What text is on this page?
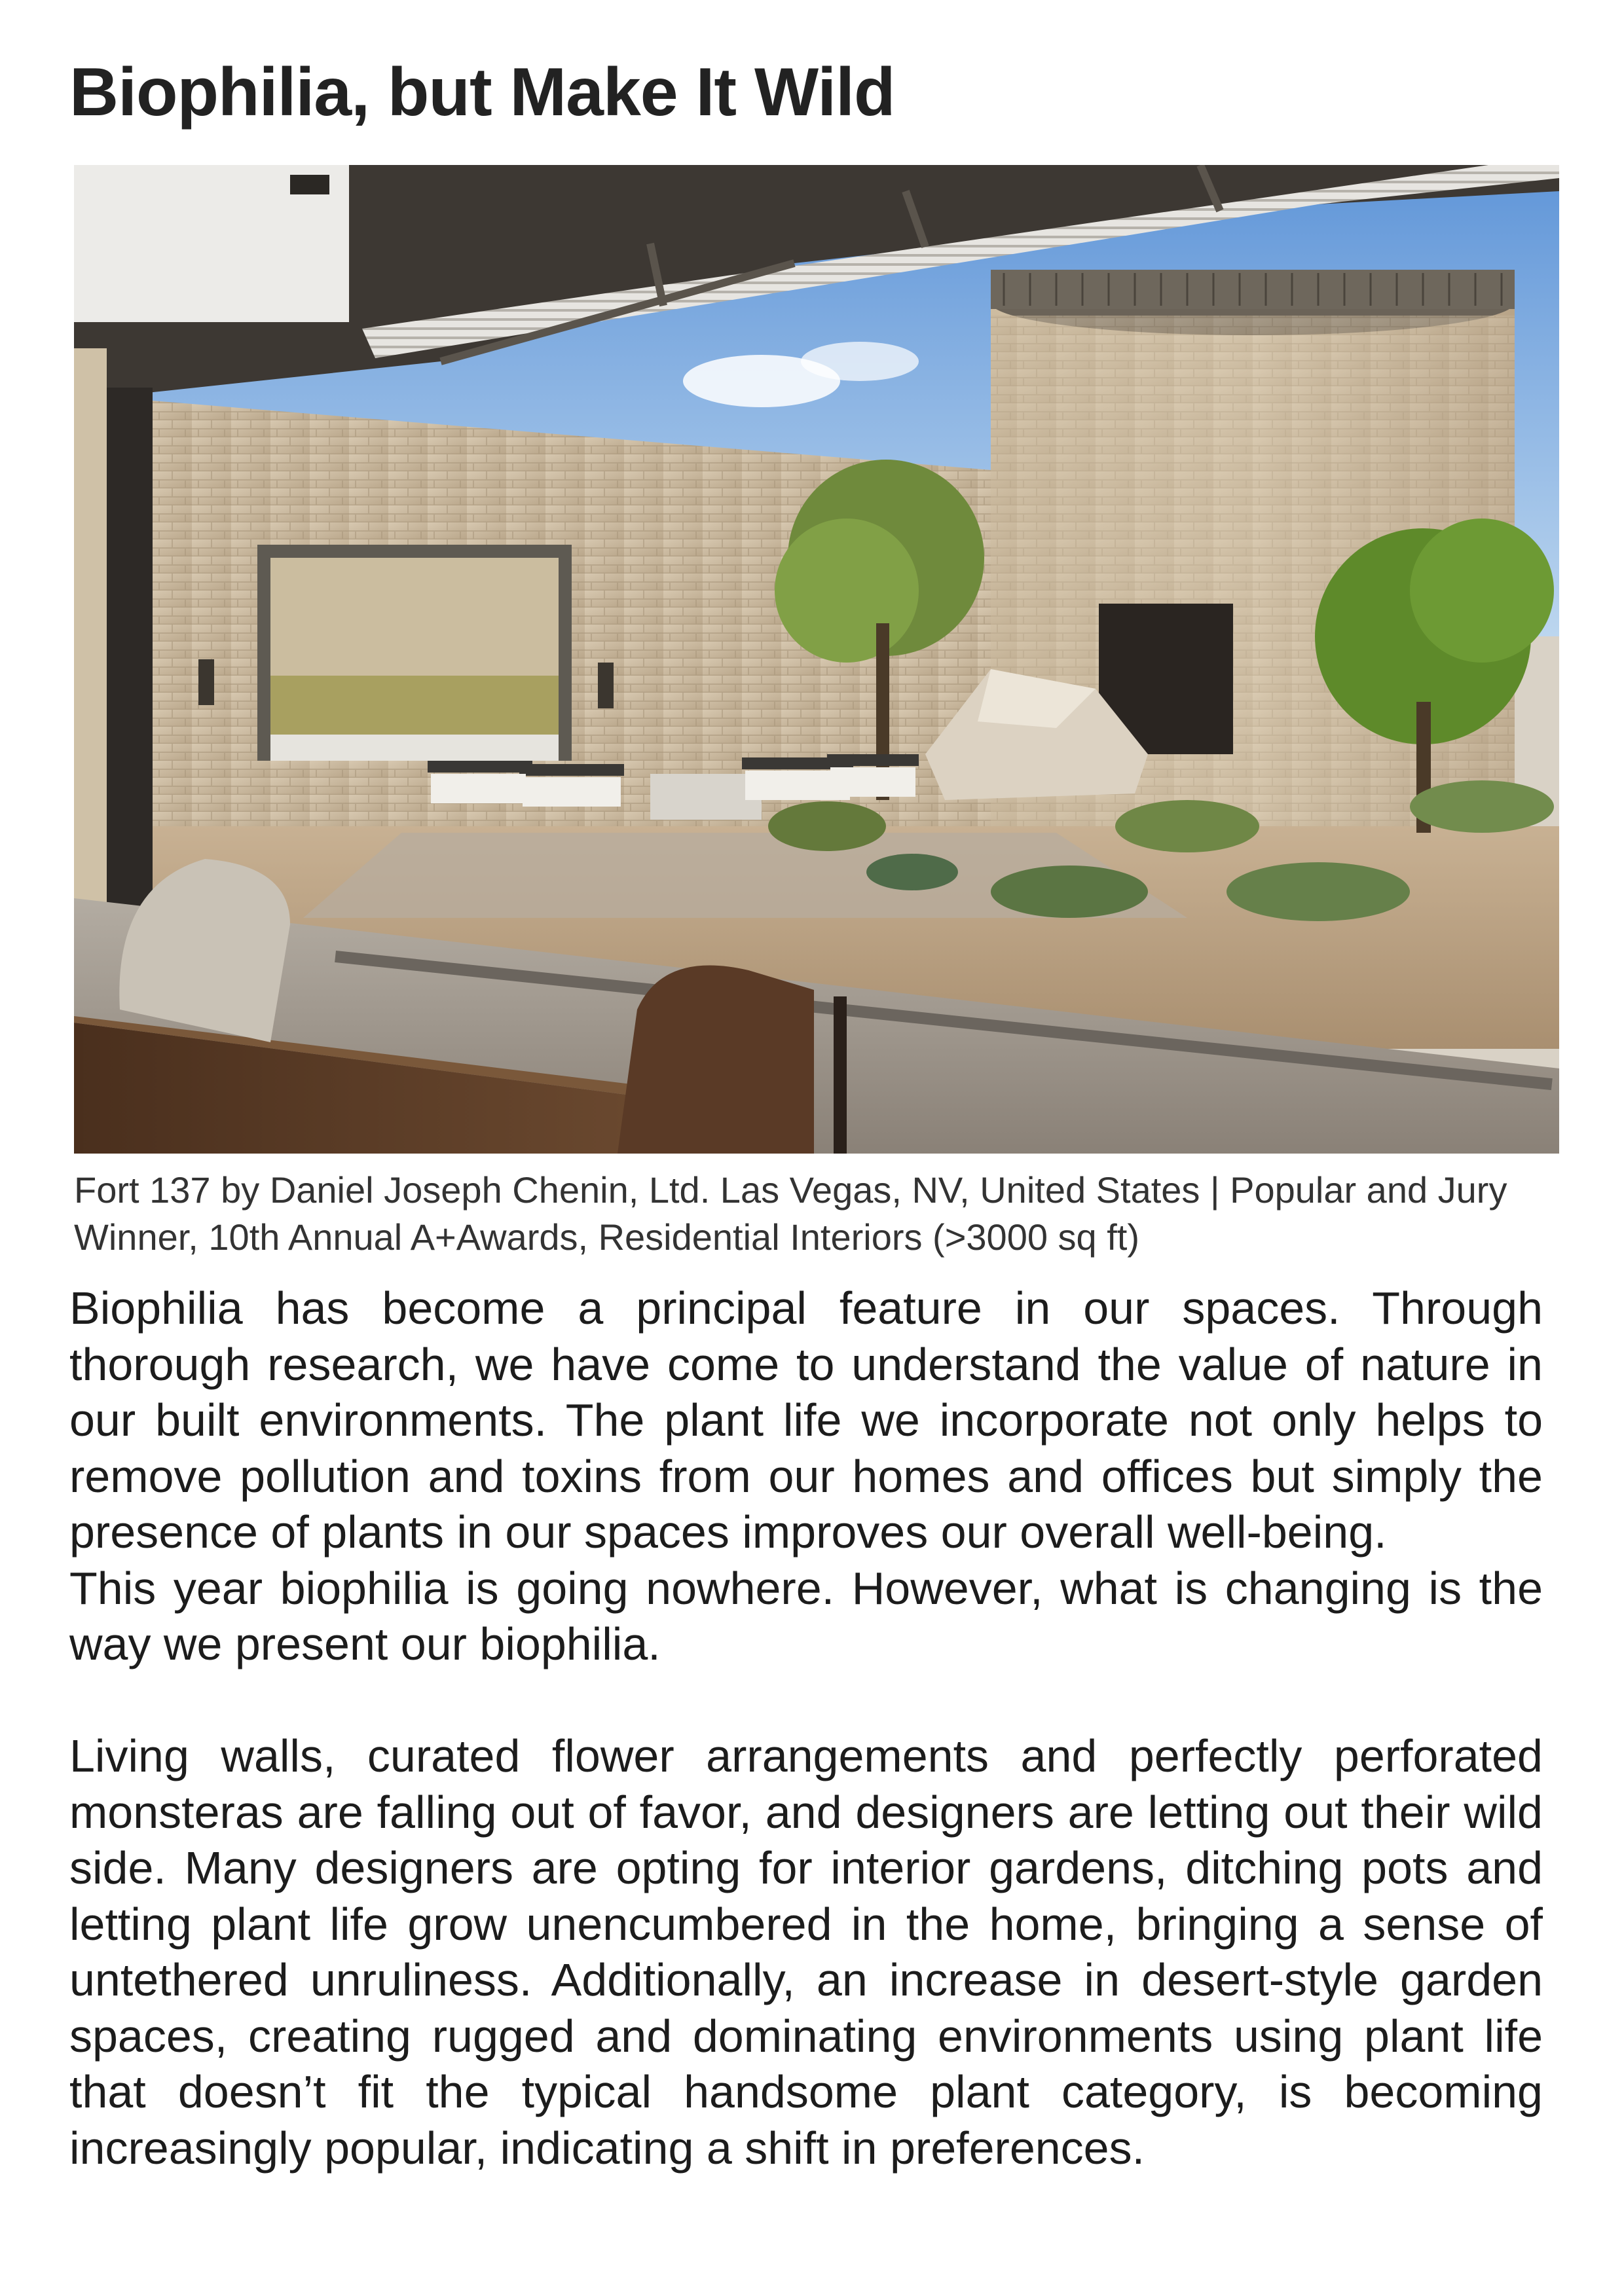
Biophilia, but Make It Wild

Fort 137 by Daniel Joseph Chenin, Ltd. Las Vegas, NV, United States | Popular and Jury Winner, 10th Annual A+Awards, Residential Interiors (>3000 sq ft)

Biophilia has become a principal feature in our spaces. Through thorough research, we have come to understand the value of nature in our built environments. The plant life we incorporate not only helps to remove pollution and toxins from our homes and offices but simply the presence of plants in our spaces improves our overall well-being.

This year biophilia is going nowhere. However, what is changing is the way we present our biophilia.

Living walls, curated flower arrangements and perfectly perforated monsteras are falling out of favor, and designers are letting out their wild side. Many designers are opting for interior gardens, ditching pots and letting plant life grow unencumbered in the home, bringing a sense of untethered unruliness. Additionally, an increase in desert-style garden spaces, creating rugged and dominating environments using plant life that doesn’t fit the typical handsome plant category, is becoming increasingly popular, indicating a shift in preferences.
